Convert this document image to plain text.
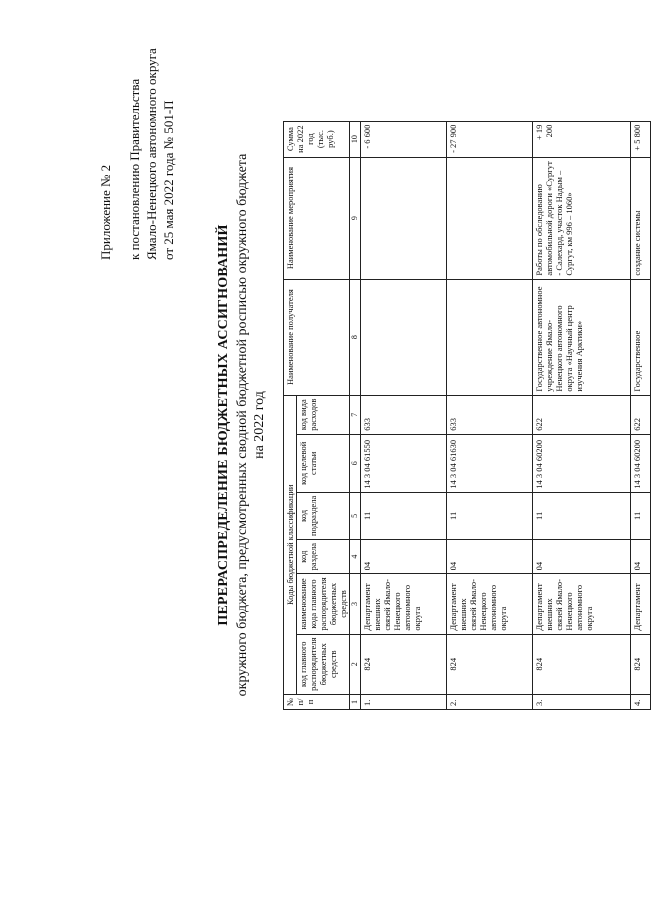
Приложение № 2 к постановлению Правительства Ямало-Ненецкого автономного округа от 25 мая 2022 года № 501-П
ПЕРЕРАСПРЕДЕЛЕНИЕ БЮДЖЕТНЫХ АССИГНОВАНИЙ окружного бюджета, предусмотренных сводной бюджетной росписью окружного бюджета на 2022 год
№ п/п	Коды бюджетной классификации						Наименование получателя	Наименование мероприятия	Сумма на 2022 год (тыс. руб.)
	код главного распорядителя бюджетных средств	наименование кода главного распорядителя бюджетных средств	код раздела	код подраздела	код целевой статьи	код вида расходов			
1	2	3	4	5	6	7	8	9	10
1.	824	Департамент внешних связей Ямало-Ненецкого автономного округа	04	11	14 3 04 61550	633			- 6 600
2.	824	Департамент внешних связей Ямало-Ненецкого автономного округа	04	11	14 3 04 61630	633			- 27 900
3.	824	Департамент внешних связей Ямало-Ненецкого автономного округа	04	11	14 3 04 60200	622	Государственное автономное учреждение Ямало-Ненецкого автономного округа «Научный центр изучения Арктики»	Работы по обследованию автомобильной дороги «Сургут - Салехард, участок Надым – Сургут, км 996 – 1060»	+ 19 200
4.	824	Департамент	04	11	14 3 04 60200	622	Государственное	создание системы	+ 5 800
